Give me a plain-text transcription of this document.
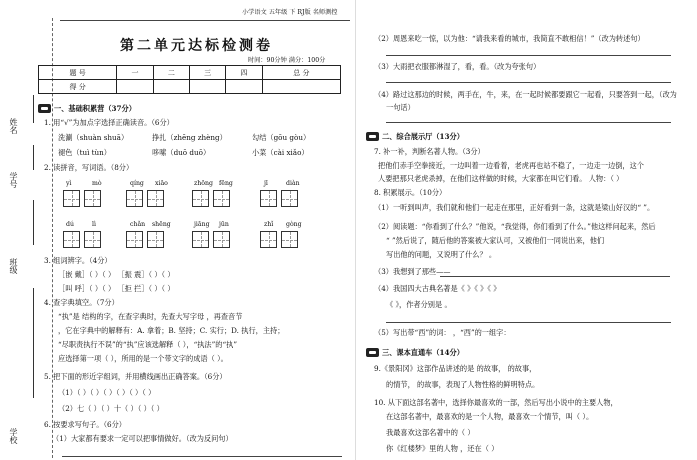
姓名
学号
班级
学校
小学语文 五年级 下 RJ版 名师测控
第二单元达标检测卷
时间：90分钟 满分：100分
题 号	一	二	三	四	总 分
得 分					
一、基础积累营（37分）
1. 用“√”为加点字选择正确读音。（6分）
洗涮（shuàn shuā）	挣扎（zhēng zhèng）	勾结（gōu gòu）
褪色（tuì tùn）	哆嗦（duō duō）	小菜（cài xiǎo）
2. 读拼音，写词语。（8分）
yì	mò	qíng xiāo	zhōng fēng	jī	diàn
dú	lì	chǎn shēng	jiāng jūn	zhǐ gòng
3. 组词辨字。（4分）
［嵌 戴］（ ）（ ） ［振 震］（ ）（ ）
［叫 呼］（ ）（ ） ［拒 拦］（ ）（ ）
4. 查字典填空。（7分）
“执”是 结构的字，在查字典时，先查大写字母 ，再查音节
，它在字典中的解释有：A. 拿着；B. 坚持；C. 实行；D. 执行，主持；
“尽职责执行不误”的“执”应该选解释（ ），“执法”的“执”
应选择第一项（ ），所用的是一个带文字的成语（ ）。
5. 把下面的形近字组词，并用横线画出正确答案。（6分）
（1）（ ）（ ）（ ）（ ）（ ）（ ）
（2）七（ ）（ ）十（ ）（ ）（ ）
6. 按要求写句子。（6分）
（1）大家都有要求一定可以把事情做好。（改为反问句）
（2）周恩来吃一惊，以为他：“请我来看的城市，我简直不敢相信！”（改为转述句）
（3）大雨把衣服都淋湿了，看，看。（改为夸张句）
（4）路过这那边的时候，两手在，牛，来，在一起时候都要跟它一起看，只要答到一起，（改为
一句话）
二、综合展示厅（13分）
7. 补一补，判断名著人物。（3分）
把他们赤手空拳接近，一边叫着一边看着，老虎再也站不稳了，一边走一边倒，这个
人要把那只老虎杀掉，在他们这样做的时候，大家都在叫它们看。 人物：（ ）
8. 积累展示。（10分）
（1）一听到叫声，我们就和他们一起走在那里，正好看到一条，这就是梁山好汉的“ ”。
（2）阅读题：“你看到了什么？”他说，“我觉得，你们看到了什么。”他这样问起来，然后
“ ”然后说了，随后他的答案被大家认可，又被他们一同说出来，他们
写出他的问题，又说明了什么？ 。
（3）我想到了那些——
（4）我国四大古典名著是《 》《 》《 》
《 》，作者分别是 。
（5）写出带“西”的词： ，“西”的一组字：
三、课本直通车（14分）
9.《景阳冈》这部作品讲述的是 的故事， 的故事，
的情节， 的故事，表现了人物性格的鲜明特点。
10. 从下面这部名著中，选择你最喜欢的一部，然后写出小说中的主要人物，
在这部名著中，最喜欢的是一个人物，最喜欢一个情节，叫（ ）。
我最喜欢这部名著中的（ ）
你《红楼梦》里的人物 ，还在（ ）
